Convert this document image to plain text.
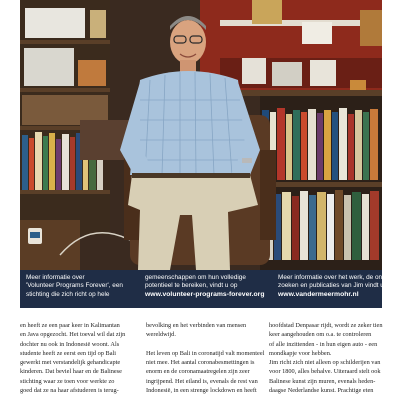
Meer informatie over
'Volunteer Programs Forever', een
stichting die zich richt op hele
gemeenschappen om hun volledige
potentieel te bereiken, vindt u op
www.volunteer-programs-forever.org
Meer informatie over het werk, de onder-
zoeken en publicaties van Jim vindt u op
www.vandermeermohr.nl
en heeft ze een paar keer in Kalimantan
en Java opgezocht. Het toeval wil dat zijn
dochter nu ook in Indonesië woont. Als
studente heeft ze eerst een tijd op Bali
gewerkt met verstandelijk gehandicapte
kinderen. Dat beviel haar en de Balinese
stichting waar ze toen voor werkte zo
goed dat ze na haar afstuderen is terug-
bevolking en het verbinden van mensen
wereldwijd.

Het leven op Bali in coronatijd valt momenteel
niet mee. Het aantal coronabesmettingen is
enorm en de coronamaatregelen zijn zeer
ingrijpend. Het eiland is, evenals de rest van
Indonesië, in een strenge lockdown en heeft
hoofdstad Denpasar rijdt, wordt ze zeker tien
keer aangehouden om o.a. te controleren
of alle inzittenden - in hun eigen auto - een
mondkapje voor hebben.
Jim richt zich niet alleen op schilderijen van
voor 1800, alles behalve. Uiteraard stelt ook
Balinese kunst zijn muren, evenals heden-
daagse Nederlandse kunst. Prachtige eten
